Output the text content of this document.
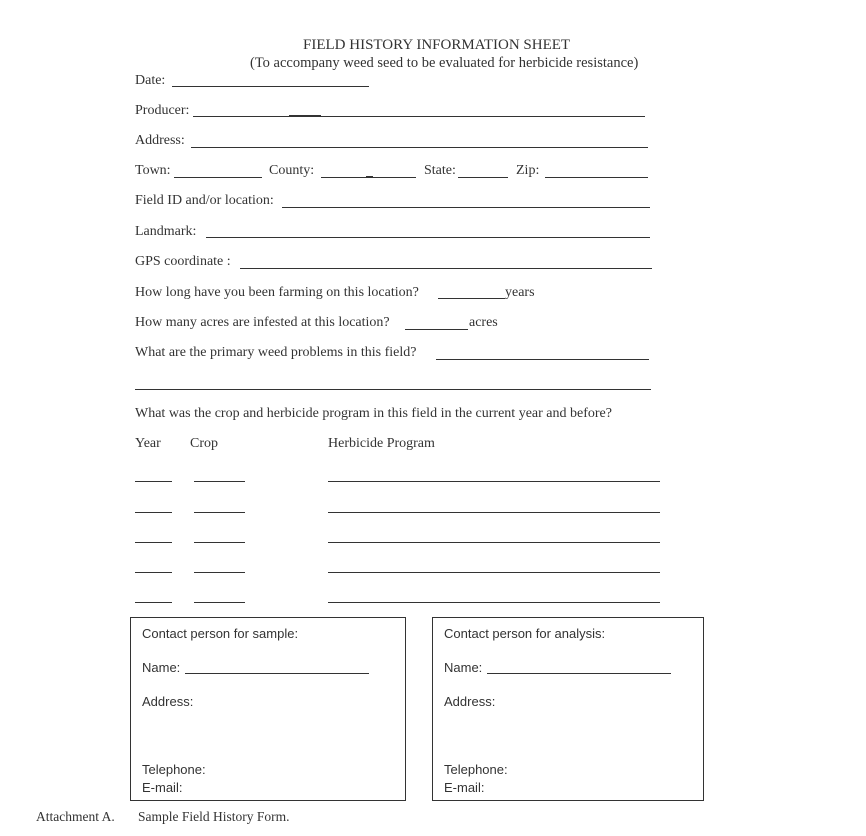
FIELD HISTORY INFORMATION SHEET
(To accompany weed seed to be evaluated for herbicide resistance)
Date:
Producer:
Address:
Town:	County:	State:	Zip:
Field ID and/or location:
Landmark:
GPS coordinate :
How long have you been farming on this location?	years
How many acres are infested at this location?	acres
What are the primary weed problems in this field?
What was the crop and herbicide program in this field in the current year and before?
Year Crop	Herbicide Program
Contact person for sample:
Name:
Address:
Telephone:
E-mail:
Contact person for analysis:
Name:
Address:
Telephone:
E-mail:
Attachment A. Sample Field History Form.
